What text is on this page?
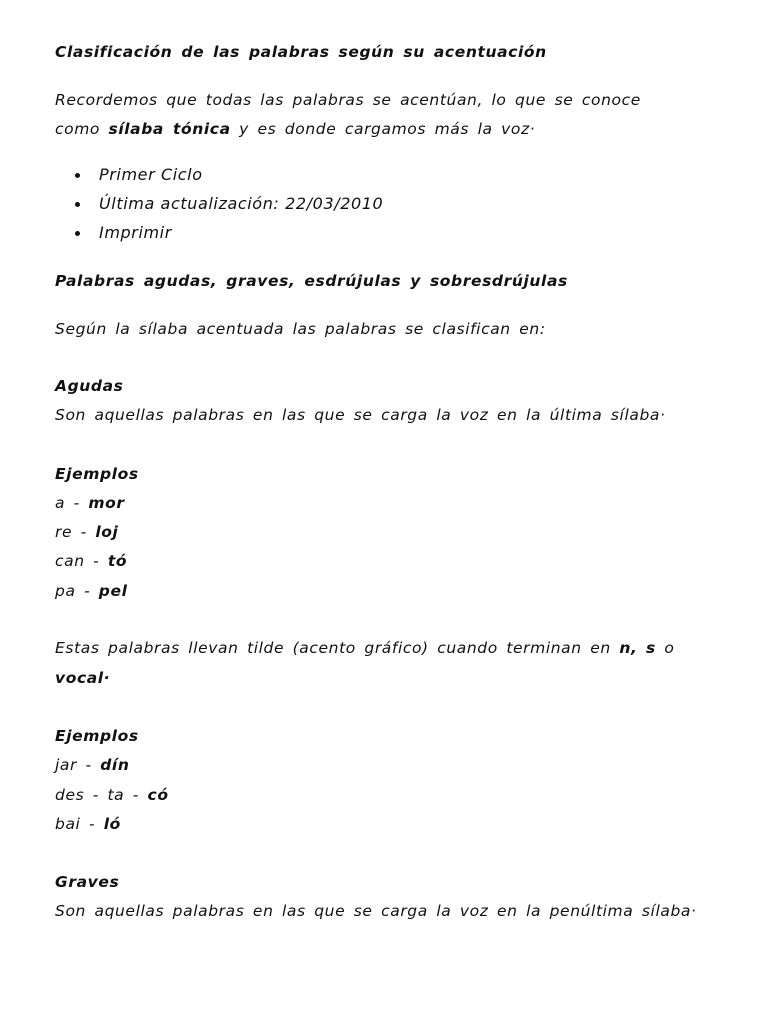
Clasificación de las palabras según su acentuación
Recordemos que todas las palabras se acentúan, lo que se conoce
como sílaba tónica y es donde cargamos más la voz·
Primer Ciclo
Última actualización: 22/03/2010
Imprimir
Palabras agudas, graves, esdrújulas y sobresdrújulas
Según la sílaba acentuada las palabras se clasifican en:
Agudas
Son aquellas palabras en las que se carga la voz en la última sílaba·
Ejemplos
a - mor
re - loj
can - tó
pa - pel
Estas palabras llevan tilde (acento gráfico) cuando terminan en n, s o
vocal·
Ejemplos
jar - dín
des - ta - có
bai - ló
Graves
Son aquellas palabras en las que se carga la voz en la penúltima sílaba·
